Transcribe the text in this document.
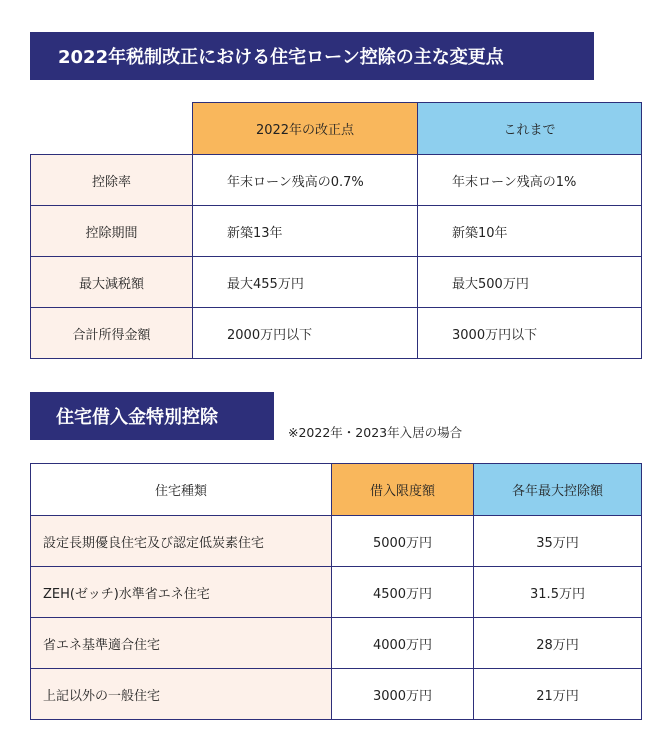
2022年税制改正における住宅ローン控除の主な変更点
	2022年の改正点	これまで
控除率	年末ローン残高の0.7%	年末ローン残高の1%
控除期間	新築13年	新築10年
最大減税額	最大455万円	最大500万円
合計所得金額	2000万円以下	3000万円以下
住宅借入金特別控除
※2022年・2023年入居の場合
住宅種類	借入限度額	各年最大控除額
設定長期優良住宅及び認定低炭素住宅	5000万円	35万円
ZEH(ゼッチ)水準省エネ住宅	4500万円	31.5万円
省エネ基準適合住宅	4000万円	28万円
上記以外の一般住宅	3000万円	21万円
